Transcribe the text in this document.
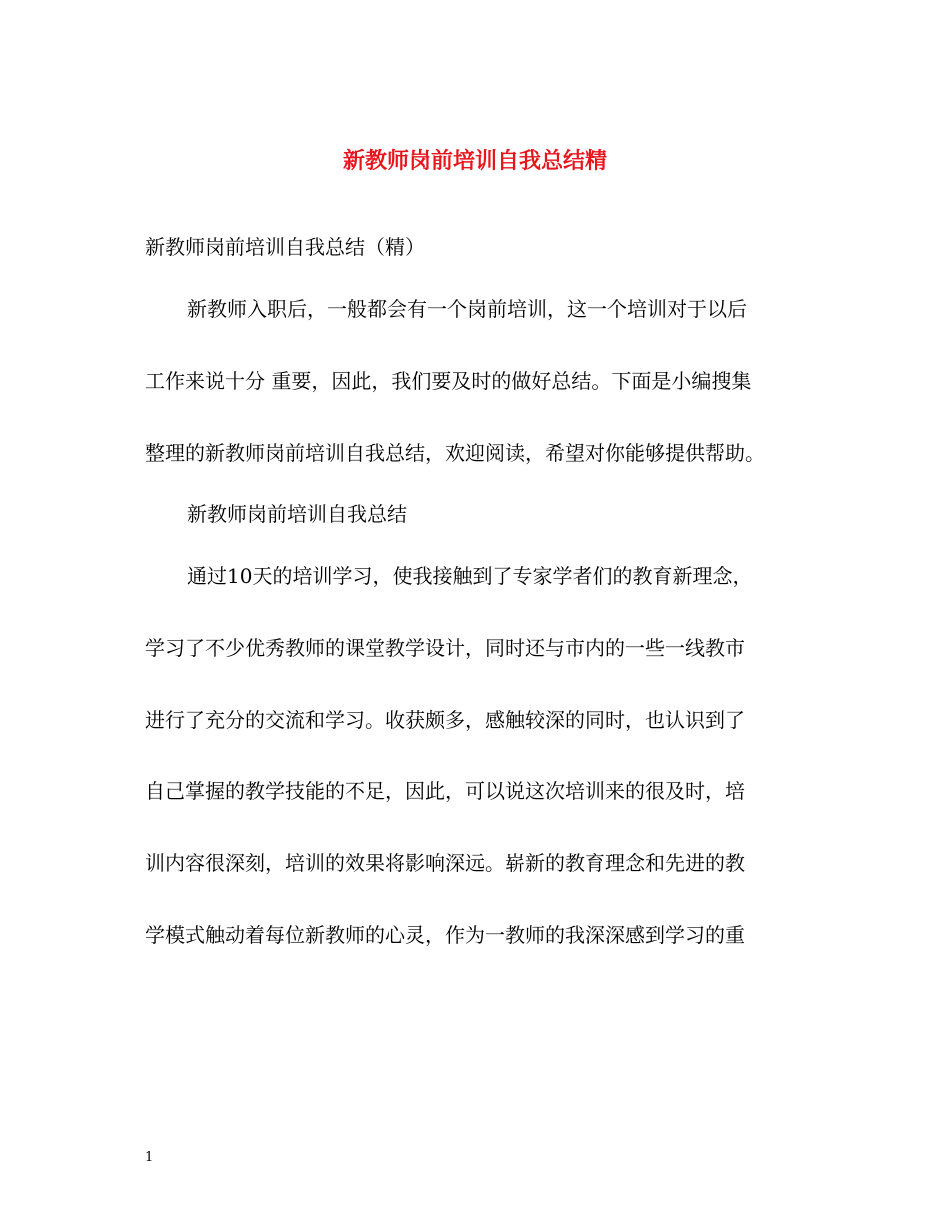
新教师岗前培训自我总结精
新教师岗前培训自我总结（精）
新教师入职后，一般都会有一个岗前培训，这一个培训对于以后
工作来说十分 重要，因此，我们要及时的做好总结。下面是小编搜集
整理的新教师岗前培训自我总结，欢迎阅读，希望对你能够提供帮助。
新教师岗前培训自我总结
通过10天的培训学习，使我接触到了专家学者们的教育新理念，
学习了不少优秀教师的课堂教学设计，同时还与市内的一些一线教市
进行了充分的交流和学习。收获颇多，感触较深的同时，也认识到了
自己掌握的教学技能的不足，因此，可以说这次培训来的很及时，培
训内容很深刻，培训的效果将影响深远。崭新的教育理念和先进的教
学模式触动着每位新教师的心灵，作为一教师的我深深感到学习的重
1
